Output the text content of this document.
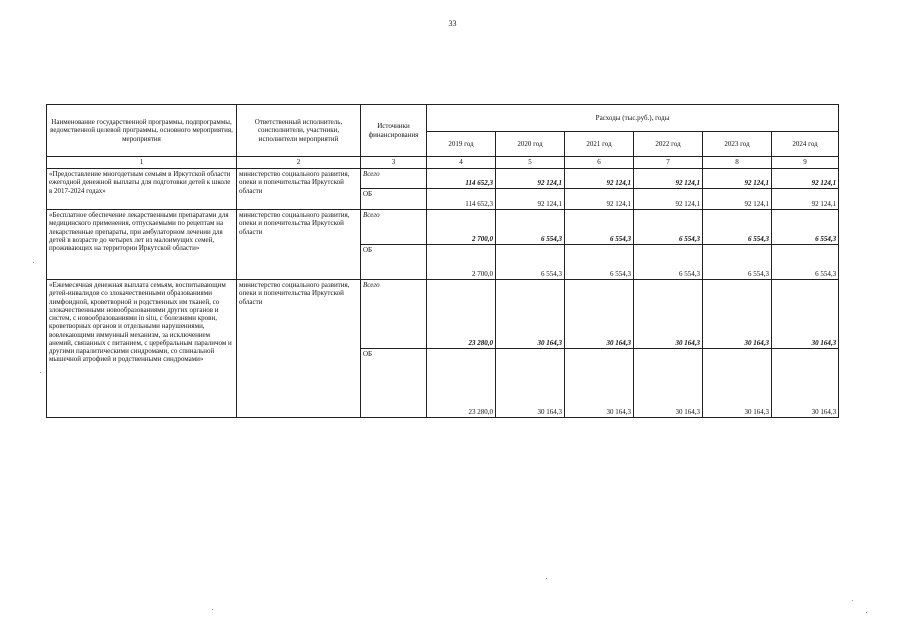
33
Наименование государственной программы, подпрограммы, ведомственной целевой программы, основного мероприятия, мероприятия	Ответственный исполнитель, соисполнители, участники, исполнители мероприятий	Источники финансирования	Расходы (тыс.руб.), годы					
			2019 год	2020 год	2021 год	2022 год	2023 год	2024 год
1	2	3	4	5	6	7	8	9
«Предоставление многодетным семьям в Иркутской области ежегодной денежной выплаты для подготовки детей к школе в 2017-2024 годах»	министерство социального развития, опеки и попечительства Иркутской области	Всего	114 652,3	92 124,1	92 124,1	92 124,1	92 124,1	92 124,1
		ОБ	114 652,3	92 124,1	92 124,1	92 124,1	92 124,1	92 124,1
«Бесплатное обеспечение лекарственными препаратами для медицинского применения, отпускаемыми по рецептам на лекарственные препараты, при амбулаторном лечении для детей в возрасте до четырех лет из малоимущих семей, проживающих на территории Иркутской области»	министерство социального развития, опеки и попечительства Иркутской области	Всего	2 700,0	6 554,3	6 554,3	6 554,3	6 554,3	6 554,3
		ОБ	2 700,0	6 554,3	6 554,3	6 554,3	6 554,3	6 554,3
«Ежемесячная денежная выплата семьям, воспитывающим детей-инвалидов со злокачественными образованиями лимфоидной, кроветворной и родственных им тканей, со злокачественными новообразованиями других органов и систем, с новообразованиями in situ, с болезнями крови, кроветворных органов и отдельными нарушениями, вовлекающими иммунный механизм, за исключением анемий, связанных с питанием, с церебральным параличом и другими паралитическими синдромами, со спинальной мышечной атрофией и родственными синдромами»	министерство социального развития, опеки и попечительства Иркутской области	Всего	23 280,0	30 164,3	30 164,3	30 164,3	30 164,3	30 164,3
		ОБ	23 280,0	30 164,3	30 164,3	30 164,3	30 164,3	30 164,3
